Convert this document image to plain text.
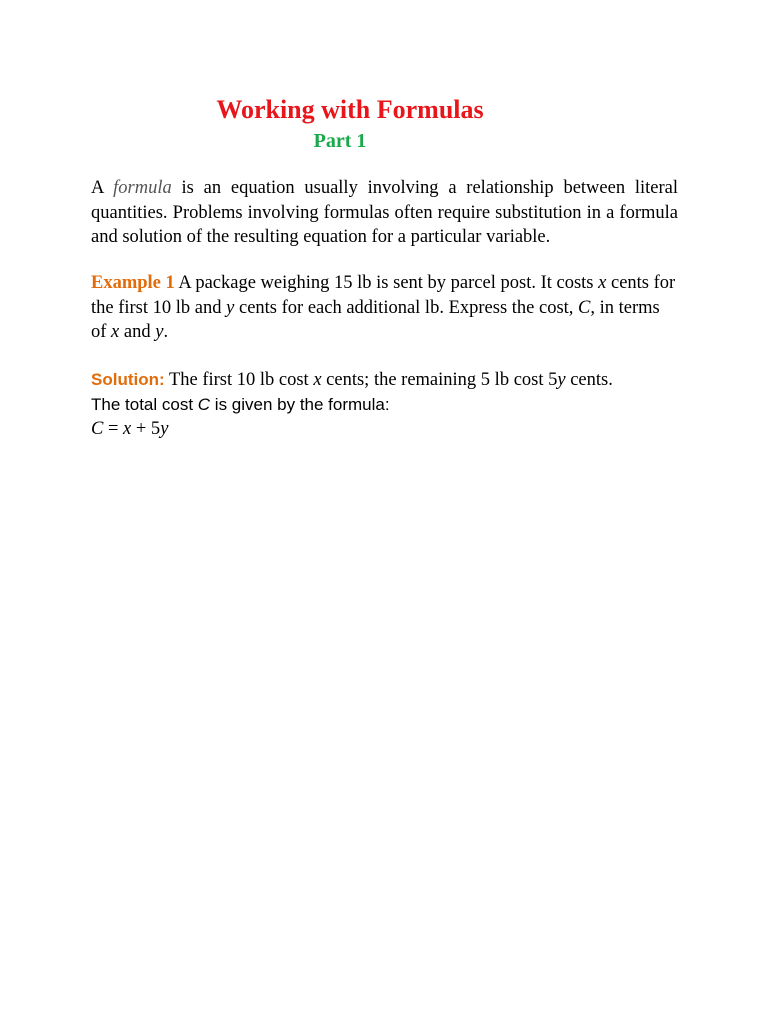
Working with Formulas
Part 1

A formula is an equation usually involving a relationship between literal quantities. Problems involving formulas often require substitution in a formula and solution of the resulting equation for a particular variable.

Example 1 A package weighing 15 lb is sent by parcel post. It costs x cents for the first 10 lb and y cents for each additional lb. Express the cost, C, in terms of x and y.

Solution: The first 10 lb cost x cents; the remaining 5 lb cost 5y cents.
The total cost C is given by the formula:
C = x + 5y
